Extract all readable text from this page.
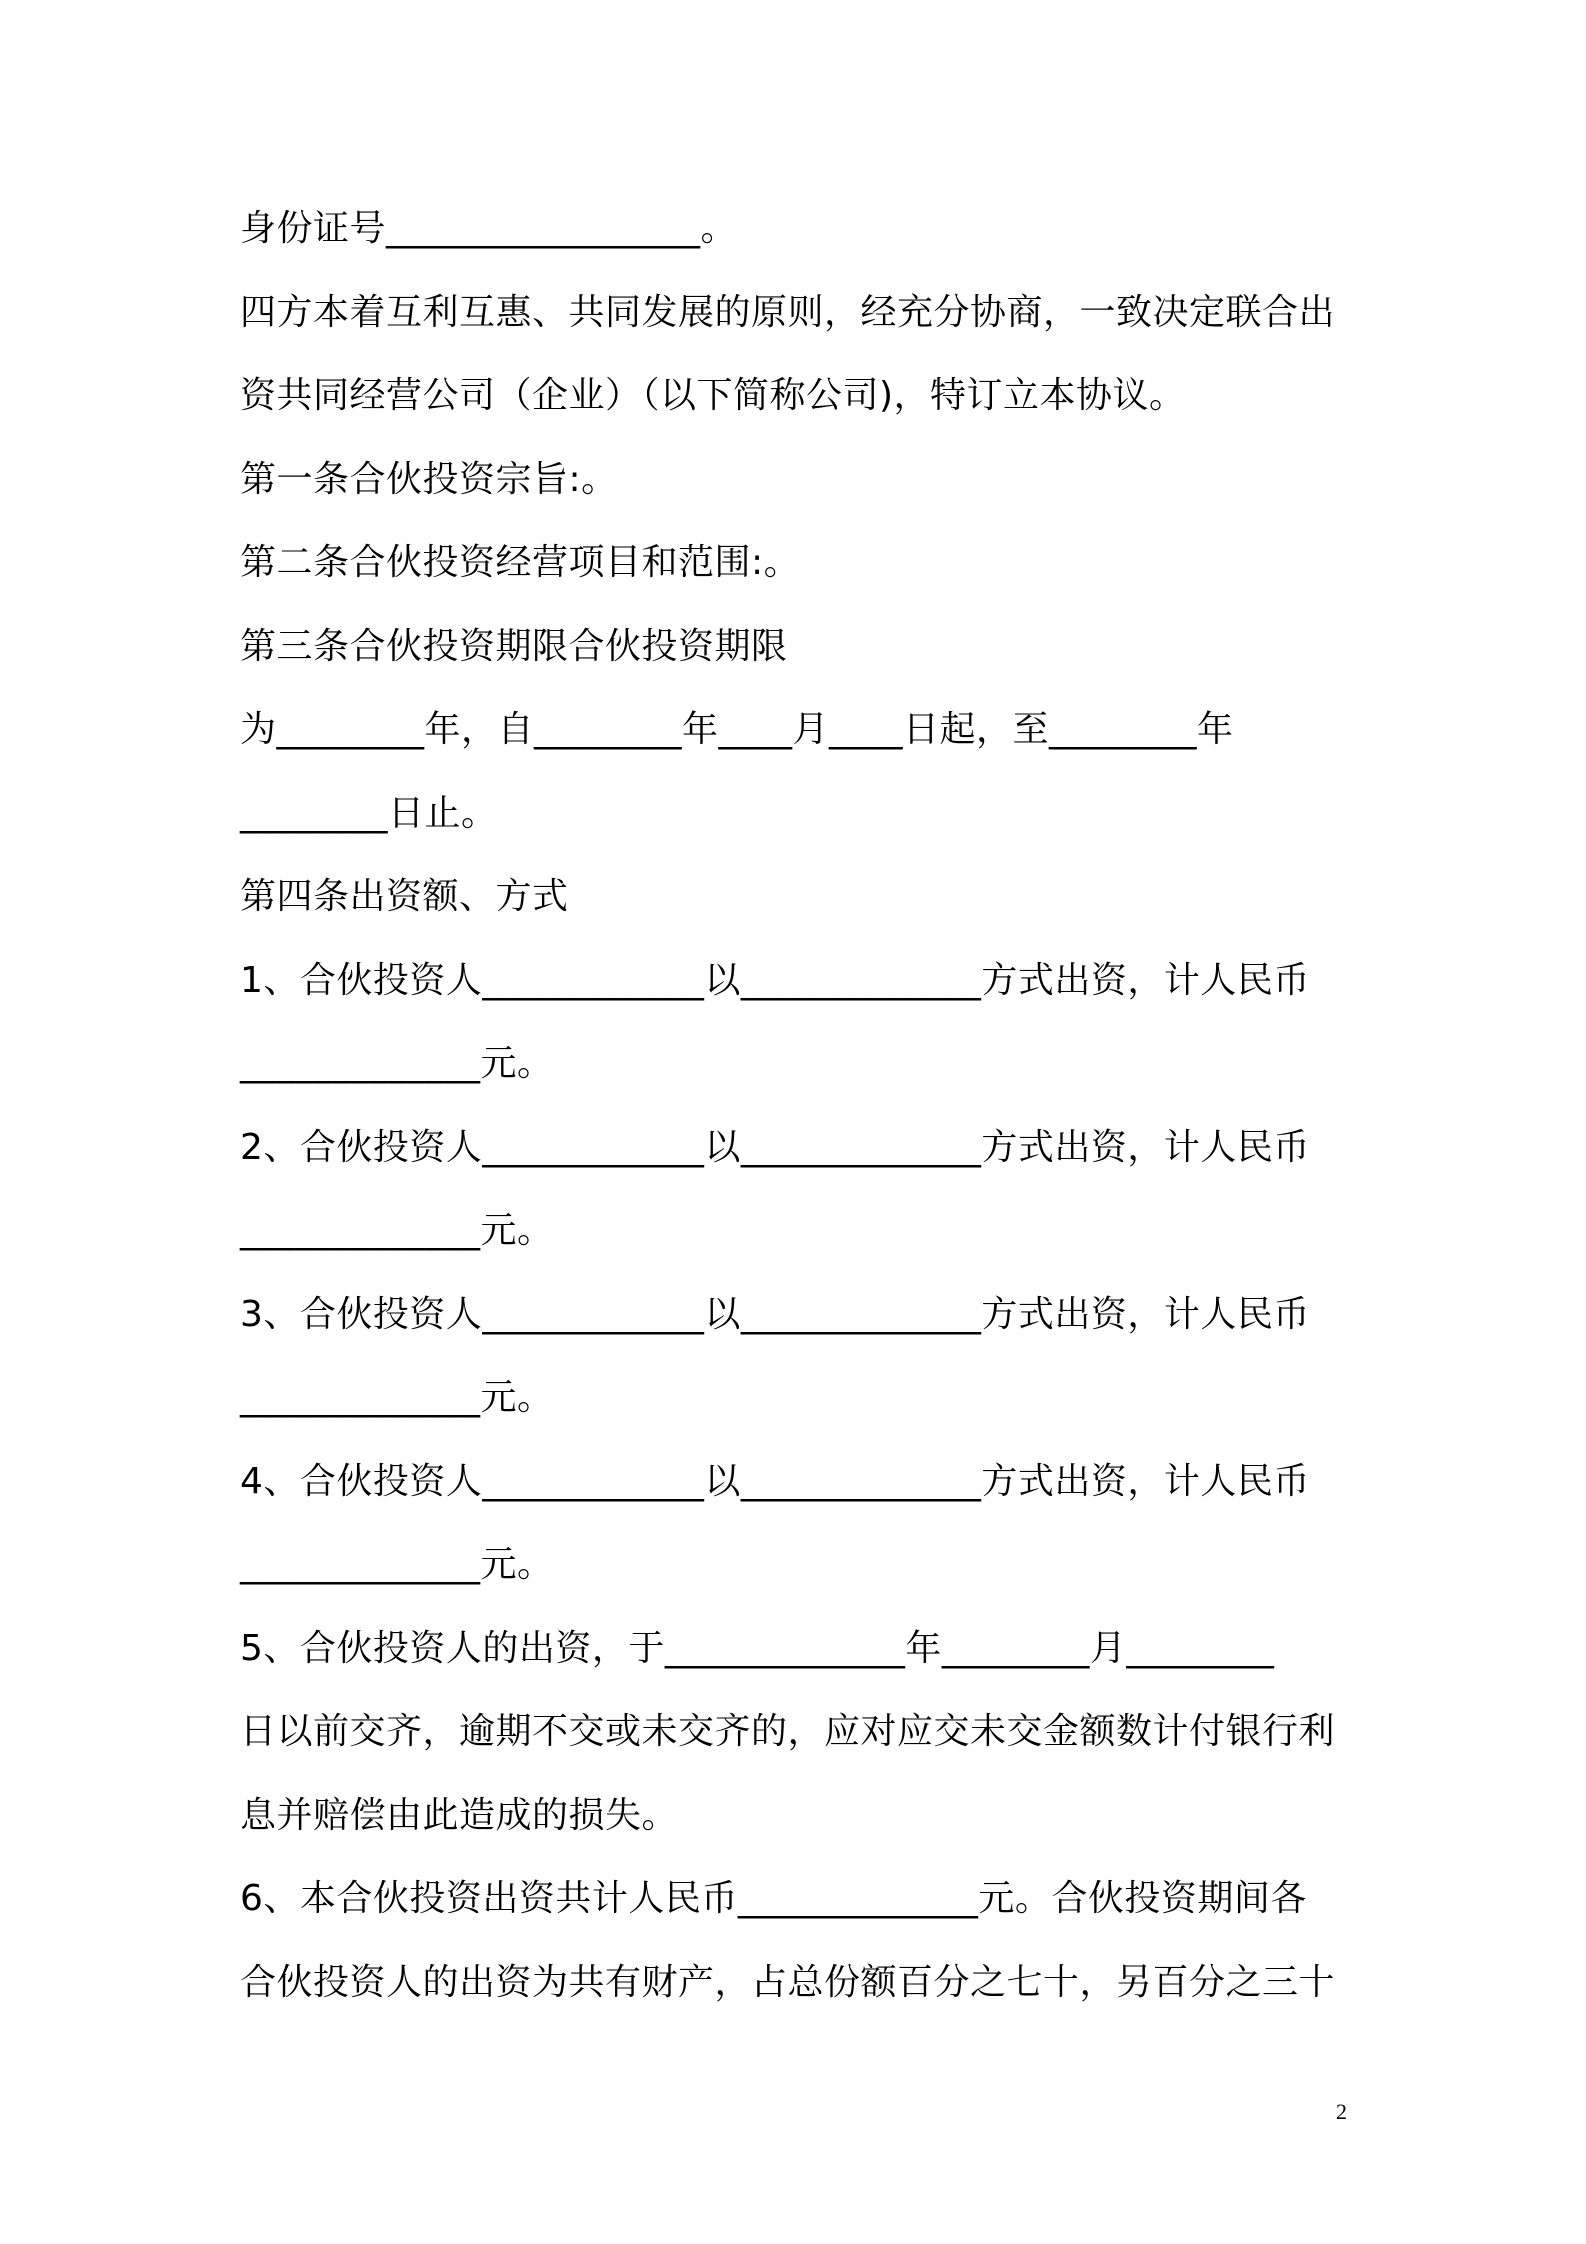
身份证号_________________。
四方本着互利互惠、共同发展的原则，经充分协商，一致决定联合出
资共同经营公司（企业）（以下简称公司)，特订立本协议。
第一条合伙投资宗旨:。
第二条合伙投资经营项目和范围:。
第三条合伙投资期限合伙投资期限
为________年，自________年____月____日起，至________年
________日止。
第四条出资额、方式
1、合伙投资人____________以_____________方式出资，计人民币
_____________元。
2、合伙投资人____________以_____________方式出资，计人民币
_____________元。
3、合伙投资人____________以_____________方式出资，计人民币
_____________元。
4、合伙投资人____________以_____________方式出资，计人民币
_____________元。
5、合伙投资人的出资，于_____________年________月________
日以前交齐，逾期不交或未交齐的，应对应交未交金额数计付银行利
息并赔偿由此造成的损失。
6、本合伙投资出资共计人民币_____________元。合伙投资期间各
合伙投资人的出资为共有财产，占总份额百分之七十，另百分之三十
2
